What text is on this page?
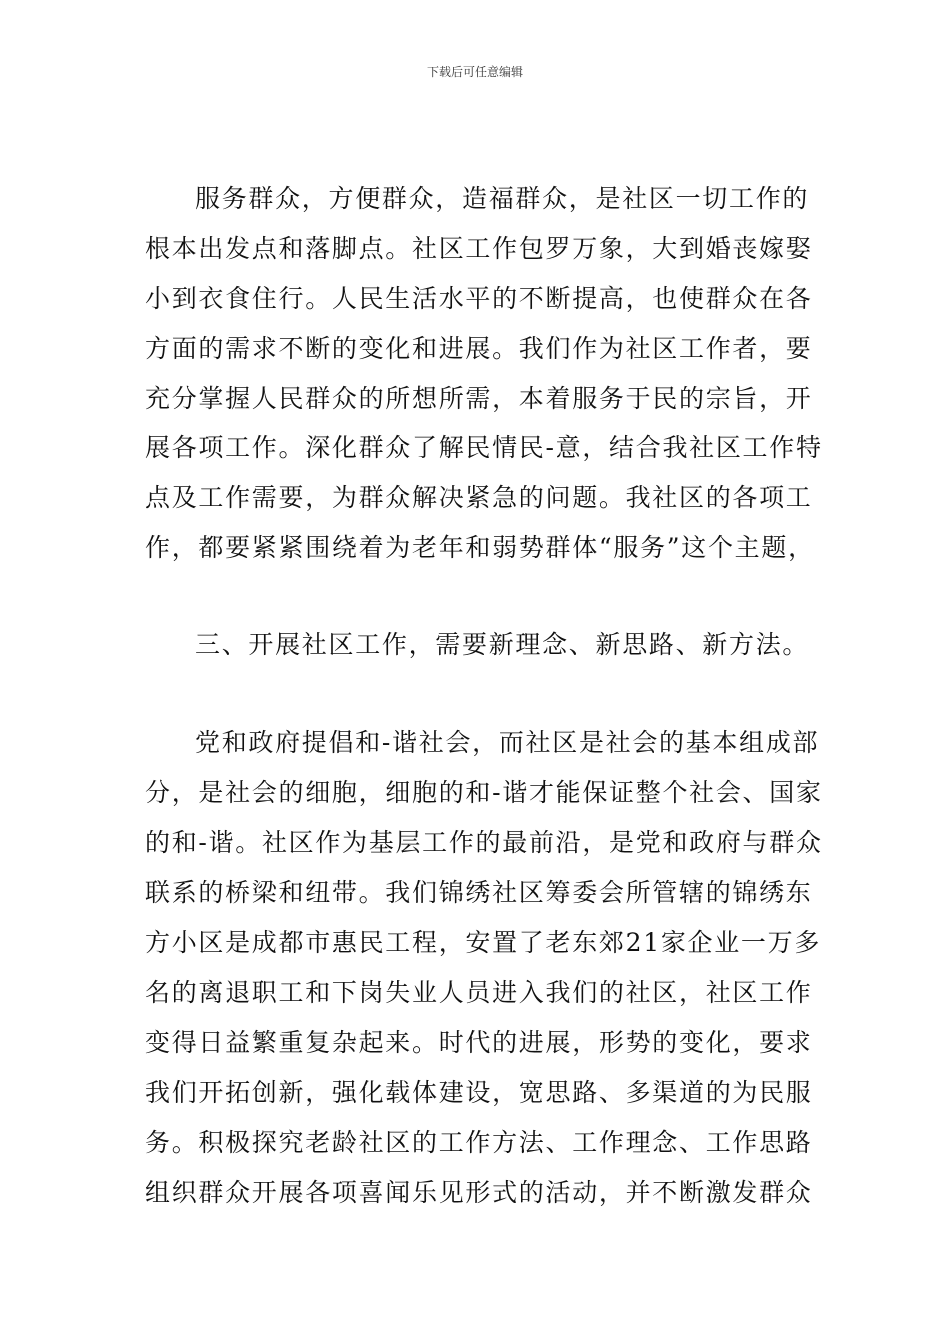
下载后可任意编辑
服务群众，方便群众，造福群众，是社区一切工作的
根本出发点和落脚点。社区工作包罗万象，大到婚丧嫁娶
小到衣食住行。人民生活水平的不断提高，也使群众在各
方面的需求不断的变化和进展。我们作为社区工作者，要
充分掌握人民群众的所想所需，本着服务于民的宗旨，开
展各项工作。深化群众了解民情民-意，结合我社区工作特
点及工作需要，为群众解决紧急的问题。我社区的各项工
作，都要紧紧围绕着为老年和弱势群体“服务”这个主题，
三、开展社区工作，需要新理念、新思路、新方法。
党和政府提倡和-谐社会，而社区是社会的基本组成部
分，是社会的细胞，细胞的和-谐才能保证整个社会、国家
的和-谐。社区作为基层工作的最前沿，是党和政府与群众
联系的桥梁和纽带。我们锦绣社区筹委会所管辖的锦绣东
方小区是成都市惠民工程，安置了老东郊21家企业一万多
名的离退职工和下岗失业人员进入我们的社区，社区工作
变得日益繁重复杂起来。时代的进展，形势的变化，要求
我们开拓创新，强化载体建设，宽思路、多渠道的为民服
务。积极探究老龄社区的工作方法、工作理念、工作思路
组织群众开展各项喜闻乐见形式的活动，并不断激发群众
